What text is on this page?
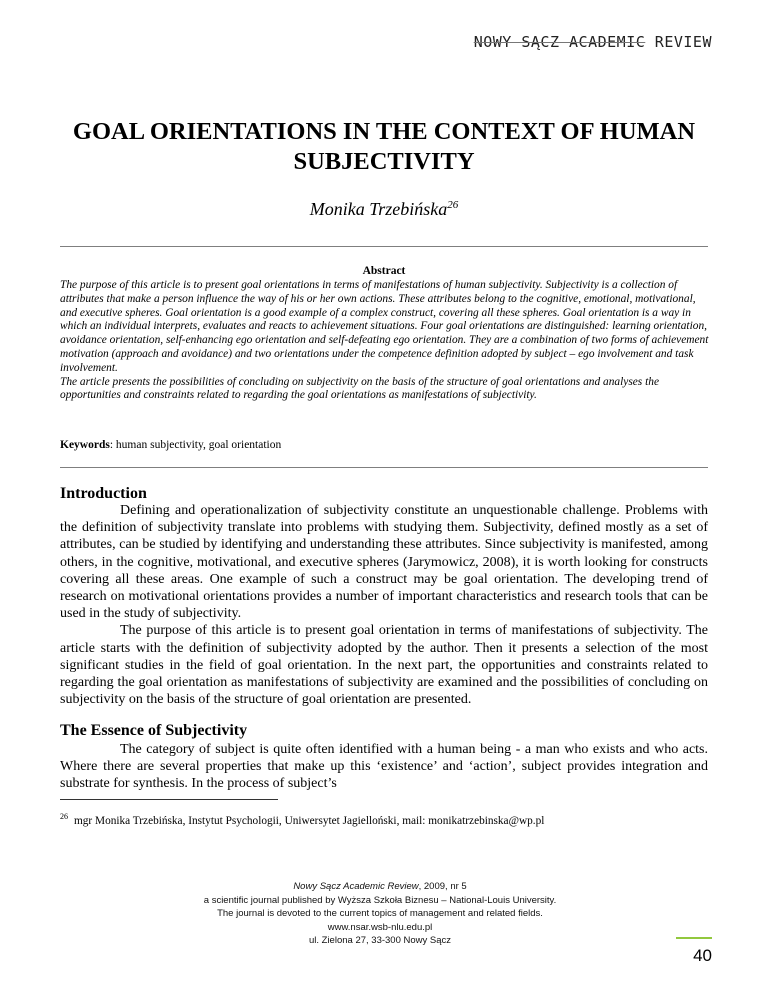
NOWY SĄCZ ACADEMIC REVIEW
GOAL ORIENTATIONS IN THE CONTEXT OF HUMAN SUBJECTIVITY
Monika Trzebińska$^{26}$
Abstract
The purpose of this article is to present goal orientations in terms of manifestations of human subjectivity. Subjectivity is a collection of attributes that make a person influence the way of his or her own actions. These attributes belong to the cognitive, emotional, motivational, and executive spheres. Goal orientation is a good example of a complex construct, covering all these spheres. Goal orientation is a way in which an individual interprets, evaluates and reacts to achievement situations. Four goal orientations are distinguished: learning orientation, avoidance orientation, self-enhancing ego orientation and self-defeating ego orientation. They are a combination of two forms of achievement motivation (approach and avoidance) and two orientations under the competence definition adopted by subject – ego involvement and task involvement.
The article presents the possibilities of concluding on subjectivity on the basis of the structure of goal orientations and analyses the opportunities and constraints related to regarding the goal orientations as manifestations of subjectivity.
Keywords: human subjectivity, goal orientation
Introduction

Defining and operationalization of subjectivity constitute an unquestionable challenge. Problems with the definition of subjectivity translate into problems with studying them. Subjectivity, defined mostly as a set of attributes, can be studied by identifying and understanding these attributes. Since subjectivity is manifested, among others, in the cognitive, motivational, and executive spheres (Jarymowicz, 2008), it is worth looking for constructs covering all these areas. One example of such a construct may be goal orientation. The developing trend of research on motivational orientations provides a number of important characteristics and research tools that can be used in the study of subjectivity.

The purpose of this article is to present goal orientation in terms of manifestations of subjectivity. The article starts with the definition of subjectivity adopted by the author. Then it presents a selection of the most significant studies in the field of goal orientation. In the next part, the opportunities and constraints related to regarding the goal orientation as manifestations of subjectivity are examined and the possibilities of concluding on subjectivity on the basis of the structure of goal orientation are presented.

The Essence of Subjectivity

The category of subject is quite often identified with a human being - a man who exists and who acts. Where there are several properties that make up this ‘existence’ and ‘action’, subject provides integration and substrate for synthesis. In the process of subject’s

$^{26}$ mgr Monika Trzebińska, Instytut Psychologii, Uniwersytet Jagielloński, mail: monikatrzebinska@wp.pl
Nowy Sącz Academic Review, 2009, nr 5
a scientific journal published by Wyższa Szkoła Biznesu – National-Louis University.
The journal is devoted to the current topics of management and related fields.
www.nsar.wsb-nlu.edu.pl
ul. Zielona 27, 33-300 Nowy Sącz
40
